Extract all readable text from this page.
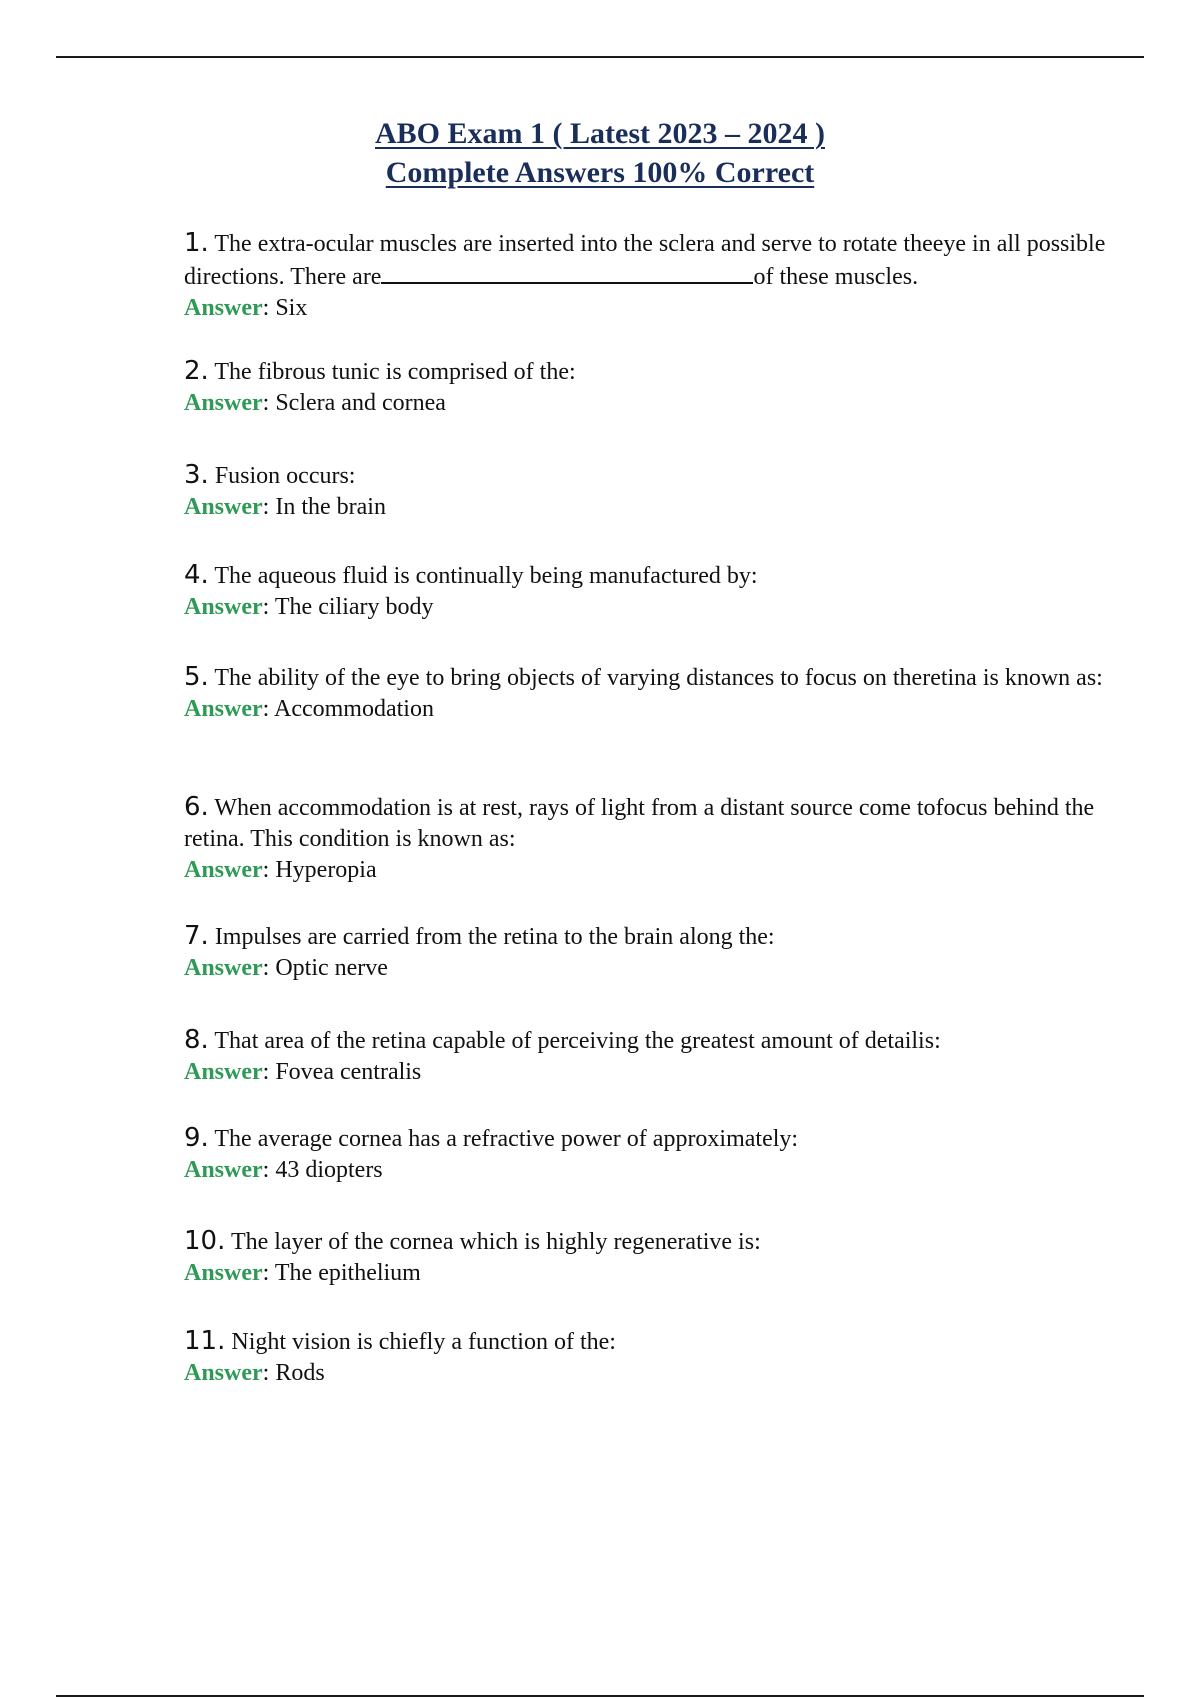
ABO Exam 1 ( Latest 2023 – 2024 )
Complete Answers 100% Correct
1. The extra-ocular muscles are inserted into the sclera and serve to rotate theeye in all possible directions. There are	of these muscles.
Answer: Six
2. The fibrous tunic is comprised of the:
Answer: Sclera and cornea
3. Fusion occurs:
Answer: In the brain
4. The aqueous fluid is continually being manufactured by:
Answer: The ciliary body
5. The ability of the eye to bring objects of varying distances to focus on theretina is known as:
Answer: Accommodation
6. When accommodation is at rest, rays of light from a distant source come tofocus behind the retina. This condition is known as:
Answer: Hyperopia
7. Impulses are carried from the retina to the brain along the:
Answer: Optic nerve
8. That area of the retina capable of perceiving the greatest amount of detailis:
Answer: Fovea centralis
9. The average cornea has a refractive power of approximately:
Answer: 43 diopters
10. The layer of the cornea which is highly regenerative is:
Answer: The epithelium
11. Night vision is chiefly a function of the:
Answer: Rods
